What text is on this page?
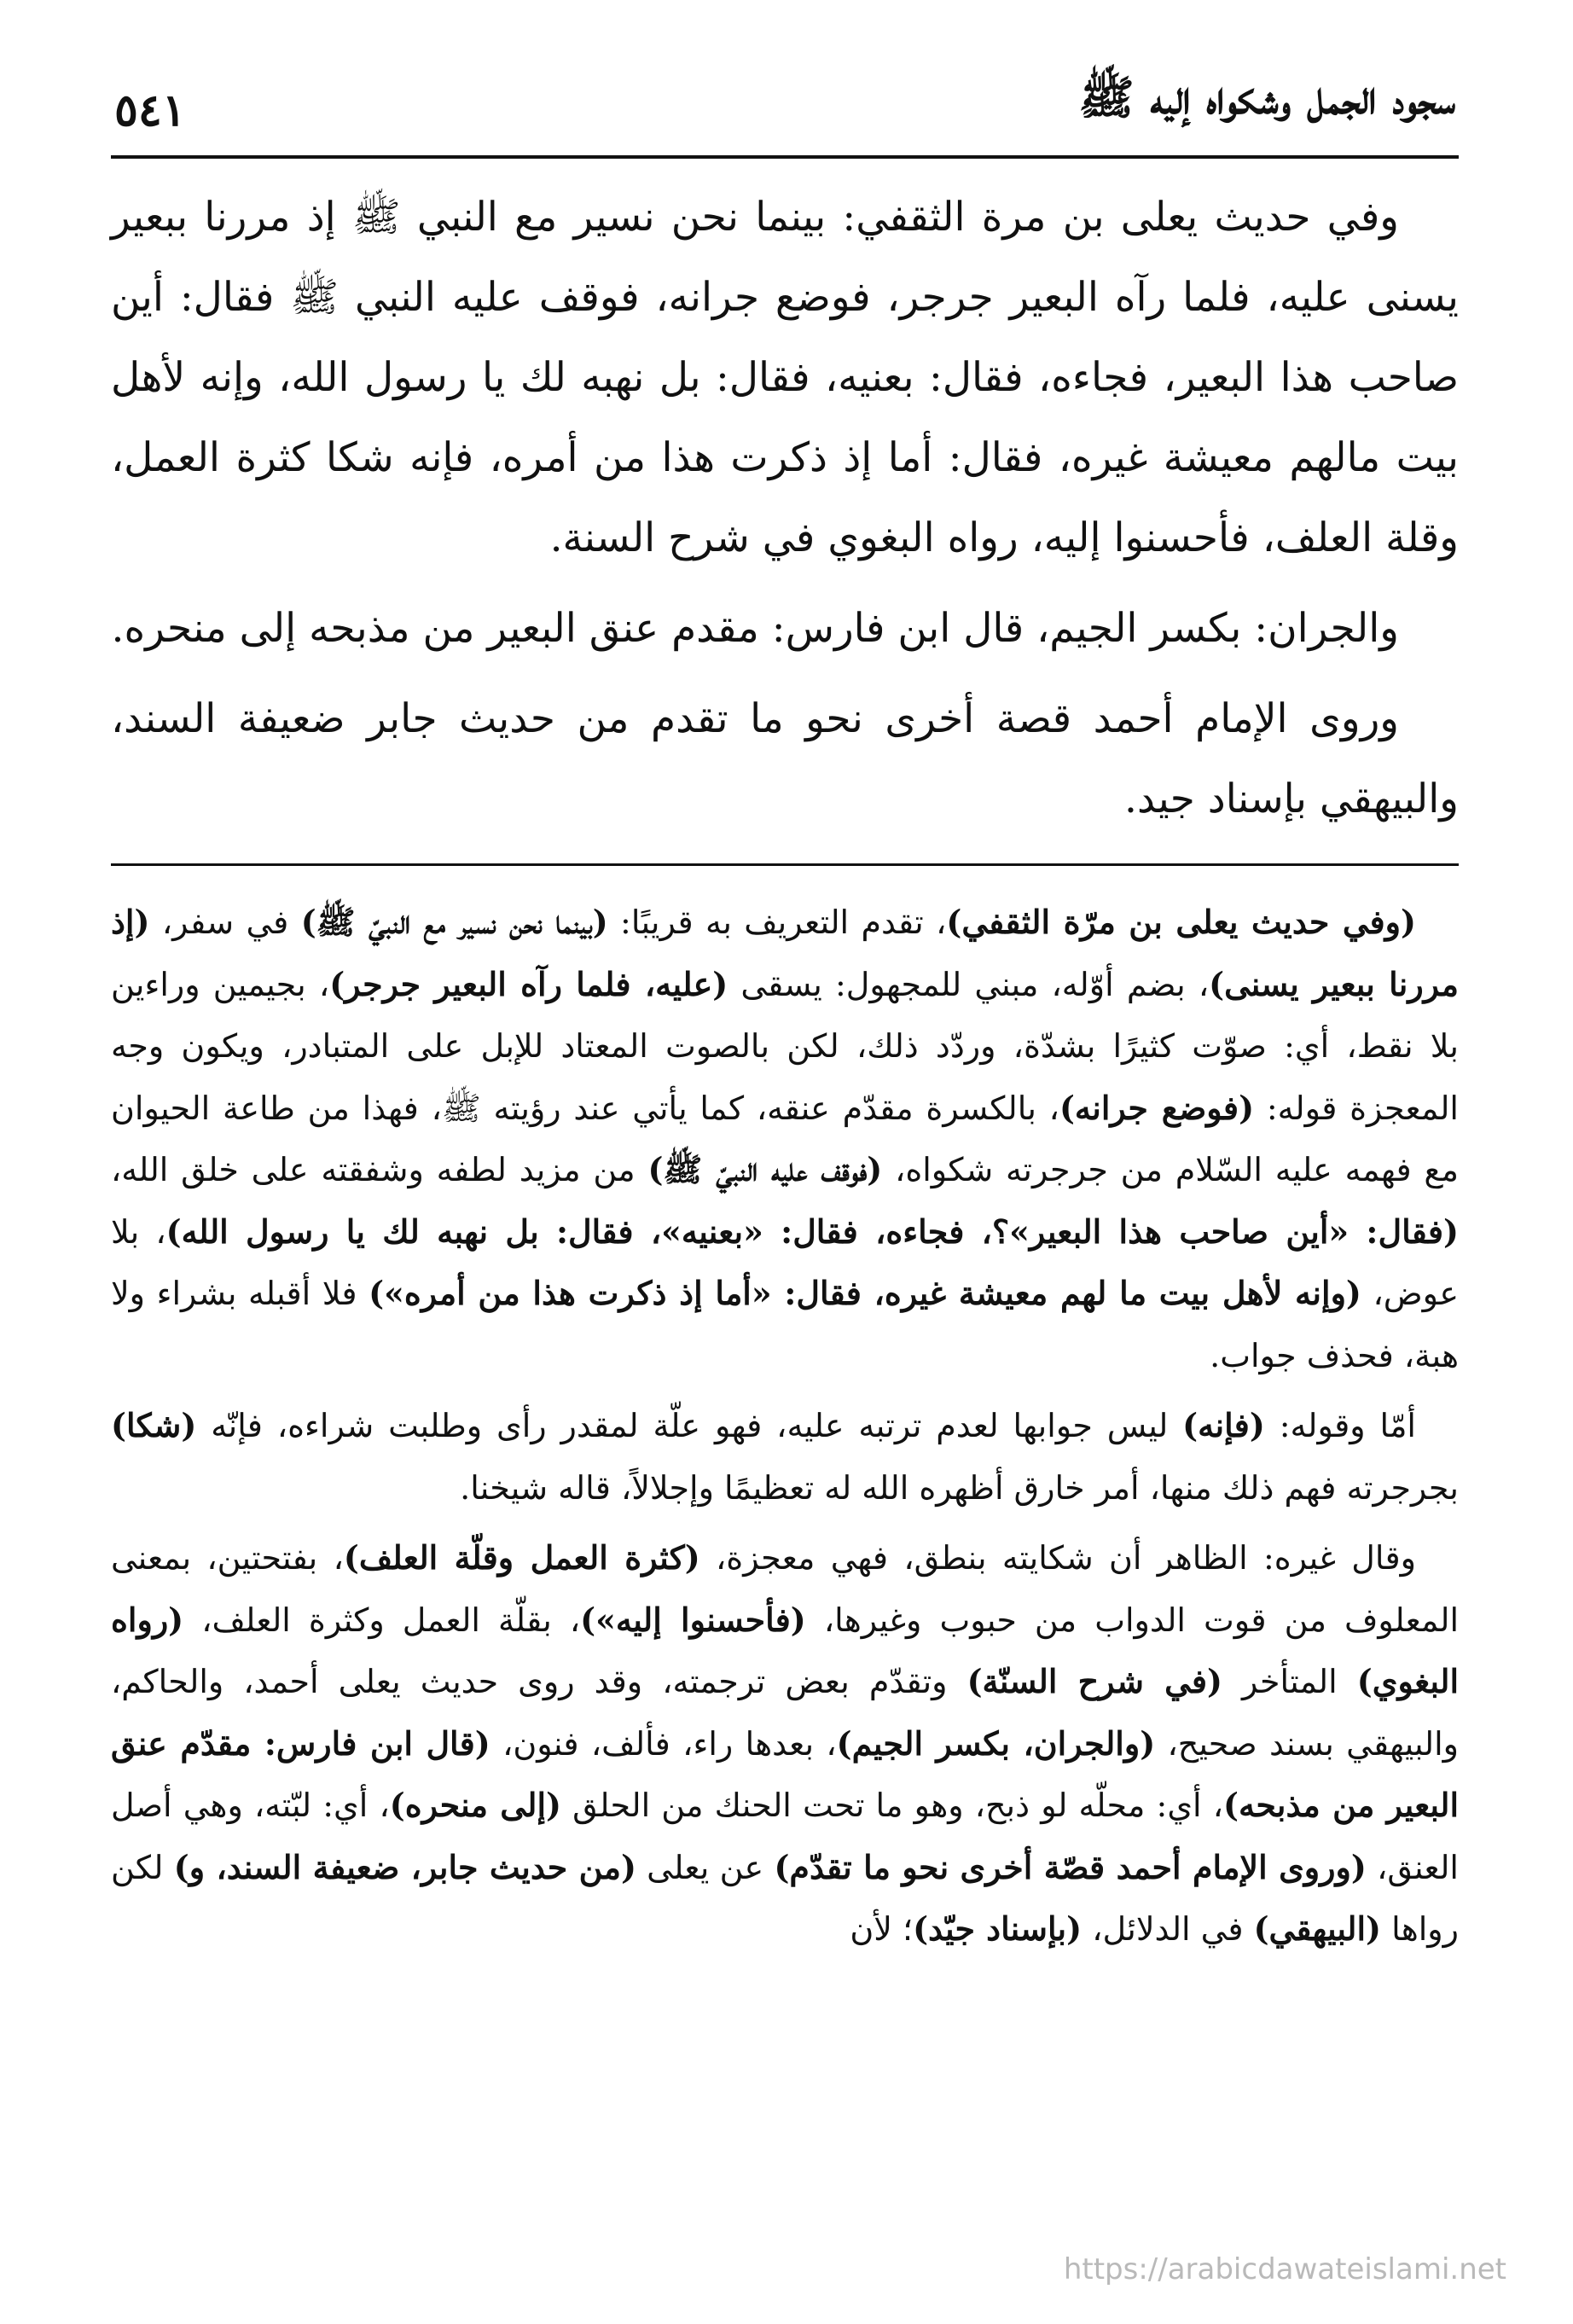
سجود الجمل وشكواه إليه ﷺ
٥٤١

وفي حديث يعلى بن مرة الثقفي: بينما نحن نسير مع النبي ﷺ إذ مررنا ببعير يسنى عليه، فلما رآه البعير جرجر، فوضع جرانه، فوقف عليه النبي ﷺ فقال: أين صاحب هذا البعير، فجاءه، فقال: بعنيه، فقال: بل نهبه لك يا رسول الله، وإنه لأهل بيت مالهم معيشة غيره، فقال: أما إذ ذكرت هذا من أمره، فإنه شكا كثرة العمل، وقلة العلف، فأحسنوا إليه، رواه البغوي في شرح السنة.

والجران: بكسر الجيم، قال ابن فارس: مقدم عنق البعير من مذبحه إلى منحره.

وروى الإمام أحمد قصة أخرى نحو ما تقدم من حديث جابر ضعيفة السند، والبيهقي بإسناد جيد.

(وفي حديث يعلى بن مرّة الثقفي)، تقدم التعريف به قريبًا: (بينما نحن نسير مع النبيّ ﷺ) في سفر، (إذ مررنا ببعير يسنى)، بضم أوّله، مبني للمجهول: يسقى (عليه، فلما رآه البعير جرجر)، بجيمين وراءين بلا نقط، أي: صوّت كثيرًا بشدّة، وردّد ذلك، لكن بالصوت المعتاد للإبل على المتبادر، ويكون وجه المعجزة قوله: (فوضع جرانه)، بالكسرة مقدّم عنقه، كما يأتي عند رؤيته ﷺ، فهذا من طاعة الحيوان مع فهمه عليه السّلام من جرجرته شكواه، (فوقف عليه النبيّ ﷺ) من مزيد لطفه وشفقته على خلق الله، (فقال: «أين صاحب هذا البعير»؟، فجاءه، فقال: «بعنيه»، فقال: بل نهبه لك يا رسول الله)، بلا عوض، (وإنه لأهل بيت ما لهم معيشة غيره، فقال: «أما إذ ذكرت هذا من أمره») فلا أقبله بشراء ولا هبة، فحذف جواب.

أمّا وقوله: (فإنه) ليس جوابها لعدم ترتبه عليه، فهو علّة لمقدر رأى وطلبت شراءه، فإنّه (شكا) بجرجرته فهم ذلك منها، أمر خارق أظهره الله له تعظيمًا وإجلالاً، قاله شيخنا.

وقال غيره: الظاهر أن شكايته بنطق، فهي معجزة، (كثرة العمل وقلّة العلف)، بفتحتين، بمعنى المعلوف من قوت الدواب من حبوب وغيرها، (فأحسنوا إليه»)، بقلّة العمل وكثرة العلف، (رواه البغوي) المتأخر (في شرح السنّة) وتقدّم بعض ترجمته، وقد روى حديث يعلى أحمد، والحاكم، والبيهقي بسند صحيح، (والجران، بكسر الجيم)، بعدها راء، فألف، فنون، (قال ابن فارس: مقدّم عنق البعير من مذبحه)، أي: محلّه لو ذبح، وهو ما تحت الحنك من الحلق (إلى منحره)، أي: لبّته، وهي أصل العنق، (وروى الإمام أحمد قصّة أخرى نحو ما تقدّم) عن يعلى (من حديث جابر، ضعيفة السند، و) لكن رواها (البيهقي) في الدلائل، (بإسناد جيّد)؛ لأن

https://arabicdawateislami.net
